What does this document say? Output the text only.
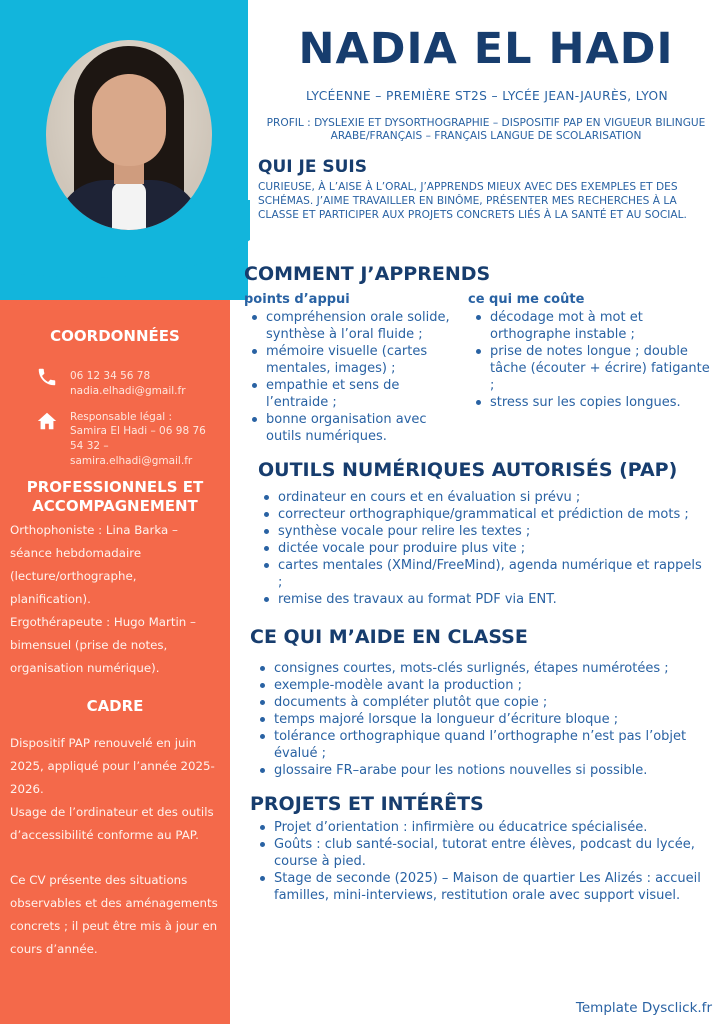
NADIA EL HADI
LYCÉENNE – PREMIÈRE ST2S – LYCÉE JEAN-JAURÈS, LYON
PROFIL : DYSLEXIE ET DYSORTHOGRAPHIE – DISPOSITIF PAP EN VIGUEUR BILINGUE ARABE/FRANÇAIS – FRANÇAIS LANGUE DE SCOLARISATION
QUI JE SUIS
CURIEUSE, À L’AISE À L’ORAL, J’APPRENDS MIEUX AVEC DES EXEMPLES ET DES SCHÉMAS. J’AIME TRAVAILLER EN BINÔME, PRÉSENTER MES RECHERCHES À LA CLASSE ET PARTICIPER AUX PROJETS CONCRETS LIÉS À LA SANTÉ ET AU SOCIAL.
COMMENT J’APPRENDS
points d’appui
compréhension orale solide, synthèse à l’oral fluide ;
mémoire visuelle (cartes mentales, images) ;
empathie et sens de l’entraide ;
bonne organisation avec outils numériques.
ce qui me coûte
décodage mot à mot et orthographe instable ;
prise de notes longue ; double tâche (écouter + écrire) fatigante ;
stress sur les copies longues.
OUTILS NUMÉRIQUES AUTORISÉS (PAP)
ordinateur en cours et en évaluation si prévu ;
correcteur orthographique/grammatical et prédiction de mots ;
synthèse vocale pour relire les textes ;
dictée vocale pour produire plus vite ;
cartes mentales (XMind/FreeMind), agenda numérique et rappels ;
remise des travaux au format PDF via ENT.
CE QUI M’AIDE EN CLASSE
consignes courtes, mots-clés surlignés, étapes numérotées ;
exemple-modèle avant la production ;
documents à compléter plutôt que copie ;
temps majoré lorsque la longueur d’écriture bloque ;
tolérance orthographique quand l’orthographe n’est pas l’objet évalué ;
glossaire FR–arabe pour les notions nouvelles si possible.
PROJETS ET INTÉRÊTS
Projet d’orientation : infirmière ou éducatrice spécialisée.
Goûts : club santé-social, tutorat entre élèves, podcast du lycée, course à pied.
Stage de seconde (2025) – Maison de quartier Les Alizés : accueil familles, mini-interviews, restitution orale avec support visuel.
COORDONNÉES
06 12 34 56 78
nadia.elhadi@gmail.fr
Responsable légal :
Samira El Hadi – 06 98 76
54 32 –
samira.elhadi@gmail.fr
PROFESSIONNELS ET ACCOMPAGNEMENT
Orthophoniste : Lina Barka – séance hebdomadaire (lecture/orthographe, planification).
Ergothérapeute : Hugo Martin – bimensuel (prise de notes, organisation numérique).
CADRE
Dispositif PAP renouvelé en juin 2025, appliqué pour l’année 2025-2026.
Usage de l’ordinateur et des outils d’accessibilité conforme au PAP.
Ce CV présente des situations observables et des aménagements concrets ; il peut être mis à jour en cours d’année.
Template Dysclick.fr
